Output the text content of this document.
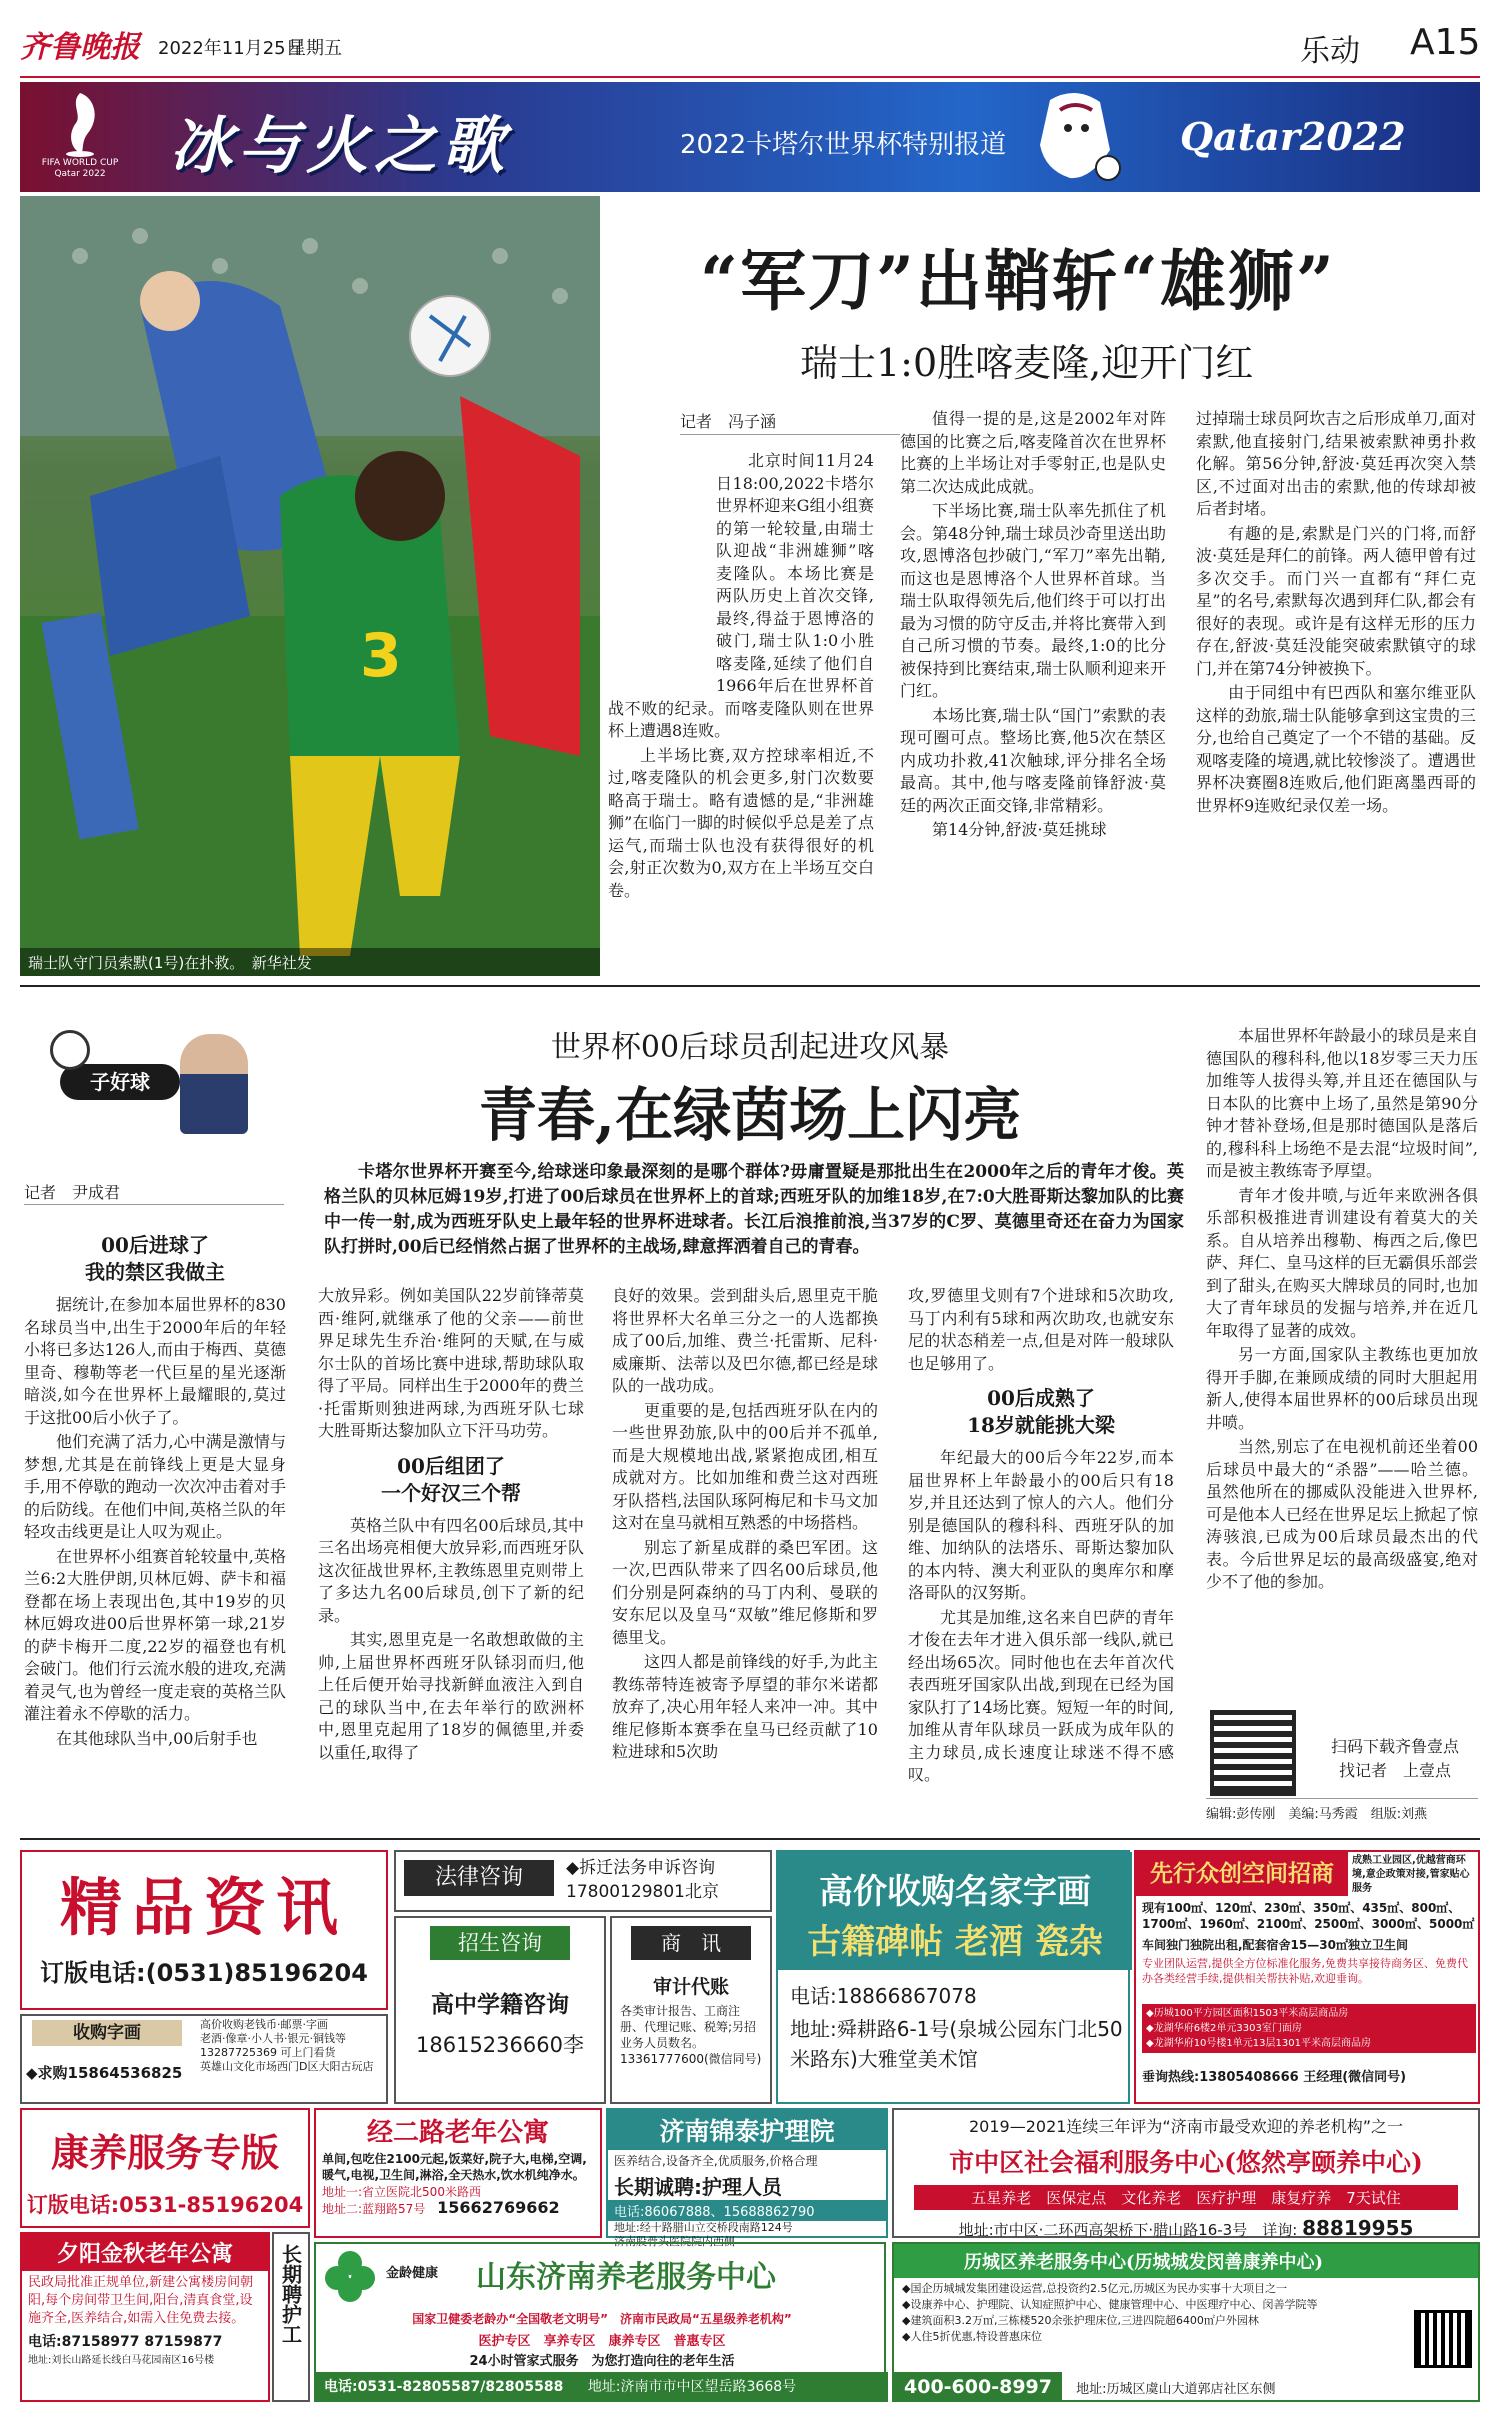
齐鲁晚报 2022年11月25日
星期五	乐动 A15
FIFA WORLD CUP Qatar 2022	冰与火之歌	2022卡塔尔世界杯特别报道	Qatar2022
3
瑞士队守门员索默(1号)在扑救。　新华社发
“军刀”出鞘斩“雄狮”
瑞士1:0胜喀麦隆,迎开门红
记者　冯子涵

北京时间11月24日18:00,2022卡塔尔世界杯迎来G组小组赛的第一轮较量,由瑞士队迎战“非洲雄狮”喀麦隆队。本场比赛是两队历史上首次交锋,最终,得益于恩博洛的破门,瑞士队1:0小胜喀麦隆,延续了他们自1966年后在世界杯首战不败的纪录。而喀麦隆队则在世界杯上遭遇8连败。

上半场比赛,双方控球率相近,不过,喀麦隆队的机会更多,射门次数要略高于瑞士。略有遗憾的是,“非洲雄狮”在临门一脚的时候似乎总是差了点运气,而瑞士队也没有获得很好的机会,射正次数为0,双方在上半场互交白卷。

值得一提的是,这是2002年对阵德国的比赛之后,喀麦隆首次在世界杯比赛的上半场让对手零射正,也是队史第二次达成此成就。

下半场比赛,瑞士队率先抓住了机会。第48分钟,瑞士球员沙奇里送出助攻,恩博洛包抄破门,“军刀”率先出鞘,而这也是恩博洛个人世界杯首球。当瑞士队取得领先后,他们终于可以打出最为习惯的防守反击,并将比赛带入到自己所习惯的节奏。最终,1:0的比分被保持到比赛结束,瑞士队顺利迎来开门红。

本场比赛,瑞士队“国门”索默的表现可圈可点。整场比赛,他5次在禁区内成功扑救,41次触球,评分排名全场最高。其中,他与喀麦隆前锋舒波·莫廷的两次正面交锋,非常精彩。

第14分钟,舒波·莫廷挑球

过掉瑞士球员阿坎吉之后形成单刀,面对索默,他直接射门,结果被索默神勇扑救化解。第56分钟,舒波·莫廷再次突入禁区,不过面对出击的索默,他的传球却被后者封堵。

有趣的是,索默是门兴的门将,而舒波·莫廷是拜仁的前锋。两人德甲曾有过多次交手。而门兴一直都有“拜仁克星”的名号,索默每次遇到拜仁队,都会有很好的表现。或许是有这样无形的压力存在,舒波·莫廷没能突破索默镇守的球门,并在第74分钟被换下。

由于同组中有巴西队和塞尔维亚队这样的劲旅,瑞士队能够拿到这宝贵的三分,也给自己奠定了一个不错的基础。反观喀麦隆的境遇,就比较惨淡了。遭遇世界杯决赛圈8连败后,他们距离墨西哥的世界杯9连败纪录仅差一场。

子好球
记者　尹成君
世界杯00后球员刮起进攻风暴
青春,在绿茵场上闪亮
卡塔尔世界杯开赛至今,给球迷印象最深刻的是哪个群体?毋庸置疑是那批出生在2000年之后的青年才俊。英格兰队的贝林厄姆19岁,打进了00后球员在世界杯上的首球;西班牙队的加维18岁,在7:0大胜哥斯达黎加队的比赛中一传一射,成为西班牙队史上最年轻的世界杯进球者。长江后浪推前浪,当37岁的C罗、莫德里奇还在奋力为国家队打拼时,00后已经悄然占据了世界杯的主战场,肆意挥洒着自己的青春。
00后进球了
我的禁区我做主

据统计,在参加本届世界杯的830名球员当中,出生于2000年后的年轻小将已多达126人,而由于梅西、莫德里奇、穆勒等老一代巨星的星光逐渐暗淡,如今在世界杯上最耀眼的,莫过于这批00后小伙子了。

他们充满了活力,心中满是激情与梦想,尤其是在前锋线上更是大显身手,用不停歇的跑动一次次冲击着对手的后防线。在他们中间,英格兰队的年轻攻击线更是让人叹为观止。

在世界杯小组赛首轮较量中,英格兰6:2大胜伊朗,贝林厄姆、萨卡和福登都在场上表现出色,其中19岁的贝林厄姆攻进00后世界杯第一球,21岁的萨卡梅开二度,22岁的福登也有机会破门。他们行云流水般的进攻,充满着灵气,也为曾经一度走衰的英格兰队灌注着永不停歇的活力。

在其他球队当中,00后射手也

大放异彩。例如美国队22岁前锋蒂莫西·维阿,就继承了他的父亲——前世界足球先生乔治·维阿的天赋,在与威尔士队的首场比赛中进球,帮助球队取得了平局。同样出生于2000年的费兰·托雷斯则独进两球,为西班牙队七球大胜哥斯达黎加队立下汗马功劳。

00后组团了
一个好汉三个帮

英格兰队中有四名00后球员,其中三名出场亮相便大放异彩,而西班牙队这次征战世界杯,主教练恩里克则带上了多达九名00后球员,创下了新的纪录。

其实,恩里克是一名敢想敢做的主帅,上届世界杯西班牙队铩羽而归,他上任后便开始寻找新鲜血液注入到自己的球队当中,在去年举行的欧洲杯中,恩里克起用了18岁的佩德里,并委以重任,取得了

良好的效果。尝到甜头后,恩里克干脆将世界杯大名单三分之一的人选都换成了00后,加维、费兰·托雷斯、尼科·威廉斯、法蒂以及巴尔德,都已经是球队的一战功成。

更重要的是,包括西班牙队在内的一些世界劲旅,队中的00后并不孤单,而是大规模地出战,紧紧抱成团,相互成就对方。比如加维和费兰这对西班牙队搭档,法国队琢阿梅尼和卡马文加这对在皇马就相互熟悉的中场搭档。

别忘了新星成群的桑巴军团。这一次,巴西队带来了四名00后球员,他们分别是阿森纳的马丁内利、曼联的安东尼以及皇马“双敏”维尼修斯和罗德里戈。

这四人都是前锋线的好手,为此主教练蒂特连被寄予厚望的菲尔米诺都放弃了,决心用年轻人来冲一冲。其中维尼修斯本赛季在皇马已经贡献了10粒进球和5次助

攻,罗德里戈则有7个进球和5次助攻,马丁内利有5球和两次助攻,也就安东尼的状态稍差一点,但是对阵一般球队也足够用了。

00后成熟了
18岁就能挑大梁

年纪最大的00后今年22岁,而本届世界杯上年龄最小的00后只有18岁,并且还达到了惊人的六人。他们分别是德国队的穆科科、西班牙队的加维、加纳队的法塔乐、哥斯达黎加队的本内特、澳大利亚队的奥库尔和摩洛哥队的汉努斯。

尤其是加维,这名来自巴萨的青年才俊在去年才进入俱乐部一线队,就已经出场65次。同时他也在去年首次代表西班牙国家队出战,到现在已经为国家队打了14场比赛。短短一年的时间,加维从青年队球员一跃成为成年队的主力球员,成长速度让球迷不得不感叹。

本届世界杯年龄最小的球员是来自德国队的穆科科,他以18岁零三天力压加维等人拔得头筹,并且还在德国队与日本队的比赛中上场了,虽然是第90分钟才替补登场,但是那时德国队是落后的,穆科科上场绝不是去混“垃圾时间”,而是被主教练寄予厚望。

青年才俊井喷,与近年来欧洲各俱乐部积极推进青训建设有着莫大的关系。自从培养出穆勒、梅西之后,像巴萨、拜仁、皇马这样的巨无霸俱乐部尝到了甜头,在购买大牌球员的同时,也加大了青年球员的发掘与培养,并在近几年取得了显著的成效。

另一方面,国家队主教练也更加放得开手脚,在兼顾成绩的同时大胆起用新人,使得本届世界杯的00后球员出现井喷。

当然,别忘了在电视机前还坐着00后球员中最大的“杀器”——哈兰德。虽然他所在的挪威队没能进入世界杯,可是他本人已经在世界足坛上掀起了惊涛骇浪,已成为00后球员最杰出的代表。今后世界足坛的最高级盛宴,绝对少不了他的参加。

扫码下载齐鲁壹点
找记者　上壹点
编辑:彭传刚　美编:马秀霞　组版:刘燕
精品资讯
订版电话:(0531)85196204
收购字画
◆求购15864536825
高价收购老钱币·邮票·字画
老酒·像章·小人书·银元·铜钱等
13287725369 可上门看货
英雄山文化市场西门D区大阳古玩店
法律咨询	◆拆迁法务申诉咨询
17800129801北京
招生咨询
高中学籍咨询
18615236660李
商　讯
审计代账
各类审计报告、工商注册、代理记账、税筹;另招业务人员数名。13361777600(微信同号)
高价收购名家字画
古籍碑帖 老酒 瓷杂
电话:18866867078
地址:舜耕路6-1号(泉城公园东门北50米路东)大雅堂美术馆
先行众创空间招商	成熟工业园区,优越营商环境,意企政策对接,管家贴心服务
现有100㎡、120㎡、230㎡、350㎡、435㎡、800㎡、1700㎡、1960㎡、2100㎡、2500㎡、3000㎡、5000㎡
车间独门独院出租,配套宿舍15—30㎡独立卫生间
专业团队运营,提供全方位标准化服务,免费共享接待商务区、免费代办各类经营手续,提供相关帮扶补贴,欢迎垂询。
◆历城100平方园区面积1503平米高层商品房
◆龙湖华府6楼2单元3303室门面房
◆龙湖华府10号楼1单元13层1301平米高层商品房
垂询热线:13805408666 王经理(微信同号)
康养服务专版
订版电话:0531-85196204
经二路老年公寓
单间,包吃住2100元起,饭菜好,院子大,电梯,空调,暖气,电视,卫生间,淋浴,全天热水,饮水机纯净水。
地址一:省立医院北500米路西
地址二:蓝翔路57号 15662769662
济南锦泰护理院
医养结合,设备齐全,优质服务,价格合理
长期诚聘:护理人员
电话:86067888、15688862790
地址:经十路腊山立交桥段南路124号
济南股骨头医院院内西侧
2019—2021连续三年评为“济南市最受欢迎的养老机构”之一
市中区社会福利服务中心(悠然亭颐养中心)
五星养老　医保定点　文化养老　医疗护理　康复疗养　7天试住
地址:市中区·二环西高架桥下·腊山路16-3号　详询: 88819955
夕阳金秋老年公寓
民政局批准正规单位,新建公寓楼房间朝阳,每个房间带卫生间,阳台,清真食堂,设施齐全,医养结合,如需入住免费去接。
电话:87158977 87159877
地址:刘长山路延长线白马花园南区16号楼
长期聘护工	金龄健康 山东济南养老服务中心
国家卫健委老龄办“全国敬老文明号”　济南市民政局“五星级养老机构”
医护专区　享养专区　康养专区　普惠专区
24小时管家式服务　为您打造向往的老年生活
电话:0531-82805587/82805588 地址:济南市市中区望岳路3668号
历城区养老服务中心(历城城发闵善康养中心)
◆国企历城城发集团建设运营,总投资约2.5亿元,历城区为民办实事十大项目之一
◆设康养中心、护理院、认知症照护中心、健康管理中心、中医理疗中心、闵善学院等
◆建筑面积3.2万㎡,三栋楼520余张护理床位,三进四院超6400㎡户外园林
◆人住5折优惠,特设普惠床位
400-600-8997 地址:历城区虞山大道郭店社区东侧
